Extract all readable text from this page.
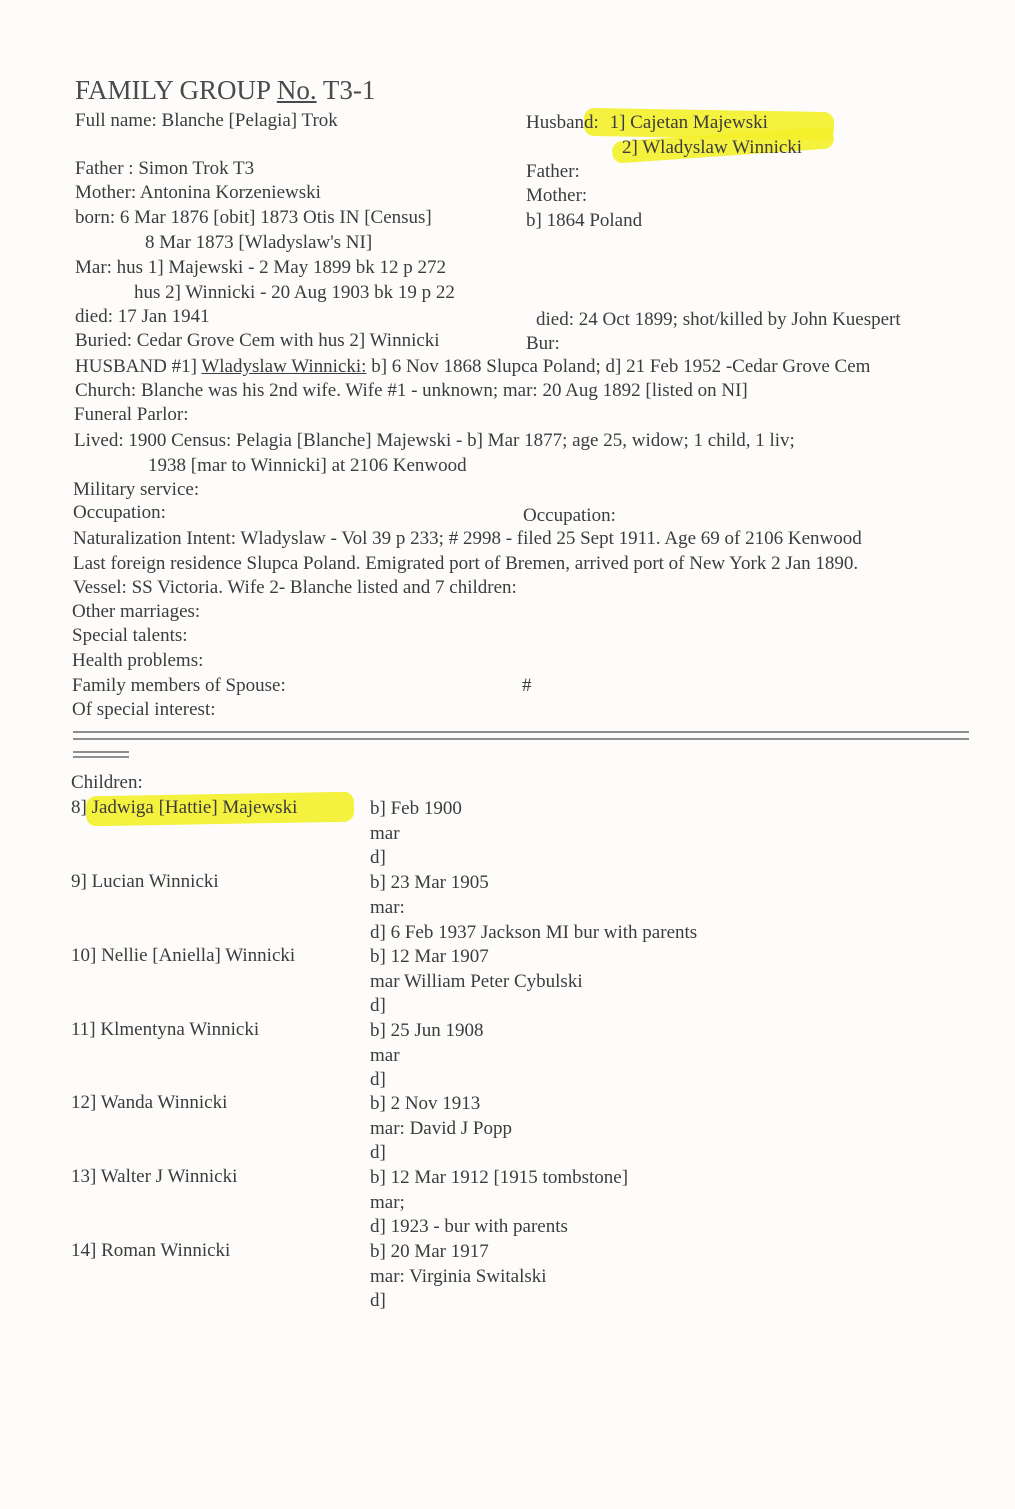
FAMILY GROUP No. T3-1
Full name: Blanche [Pelagia] Trok
Father : Simon Trok T3
Mother: Antonina Korzeniewski
born: 6 Mar 1876 [obit] 1873 Otis IN [Census]
8 Mar 1873 [Wladyslaw's NI]
Mar: hus 1] Majewski - 2 May 1899 bk 12 p 272
hus 2] Winnicki - 20 Aug 1903 bk 19 p 22
died: 17 Jan 1941
Buried: Cedar Grove Cem with hus 2] Winnicki
Husband: 1] Cajetan Majewski
2] Wladyslaw Winnicki
Father:
Mother:
b] 1864 Poland
died: 24 Oct 1899; shot/killed by John Kuespert
Bur:
HUSBAND #1] Wladyslaw Winnicki: b] 6 Nov 1868 Slupca Poland; d] 21 Feb 1952 -Cedar Grove Cem
Church: Blanche was his 2nd wife. Wife #1 - unknown; mar: 20 Aug 1892 [listed on NI]
Funeral Parlor:
Lived: 1900 Census: Pelagia [Blanche] Majewski - b] Mar 1877; age 25, widow; 1 child, 1 liv;
1938 [mar to Winnicki] at 2106 Kenwood
Military service:
Occupation:	Occupation:
Naturalization Intent: Wladyslaw - Vol 39 p 233; # 2998 - filed 25 Sept 1911. Age 69 of 2106 Kenwood
Last foreign residence Slupca Poland. Emigrated port of Bremen, arrived port of New York 2 Jan 1890.
Vessel: SS Victoria. Wife 2- Blanche listed and 7 children:
Other marriages:
Special talents:
Health problems:
Family members of Spouse:	#
Of special interest:
Children:
8] Jadwiga [Hattie] Majewski	b] Feb 1900
mar
d]
9] Lucian Winnicki	b] 23 Mar 1905
mar:
d] 6 Feb 1937 Jackson MI bur with parents
10] Nellie [Aniella] Winnicki	b] 12 Mar 1907
mar William Peter Cybulski
d]
11] Klmentyna Winnicki	b] 25 Jun 1908
mar
d]
12] Wanda Winnicki	b] 2 Nov 1913
mar: David J Popp
d]
13] Walter J Winnicki	b] 12 Mar 1912 [1915 tombstone]
mar;
d] 1923 - bur with parents
14] Roman Winnicki	b] 20 Mar 1917
mar: Virginia Switalski
d]
